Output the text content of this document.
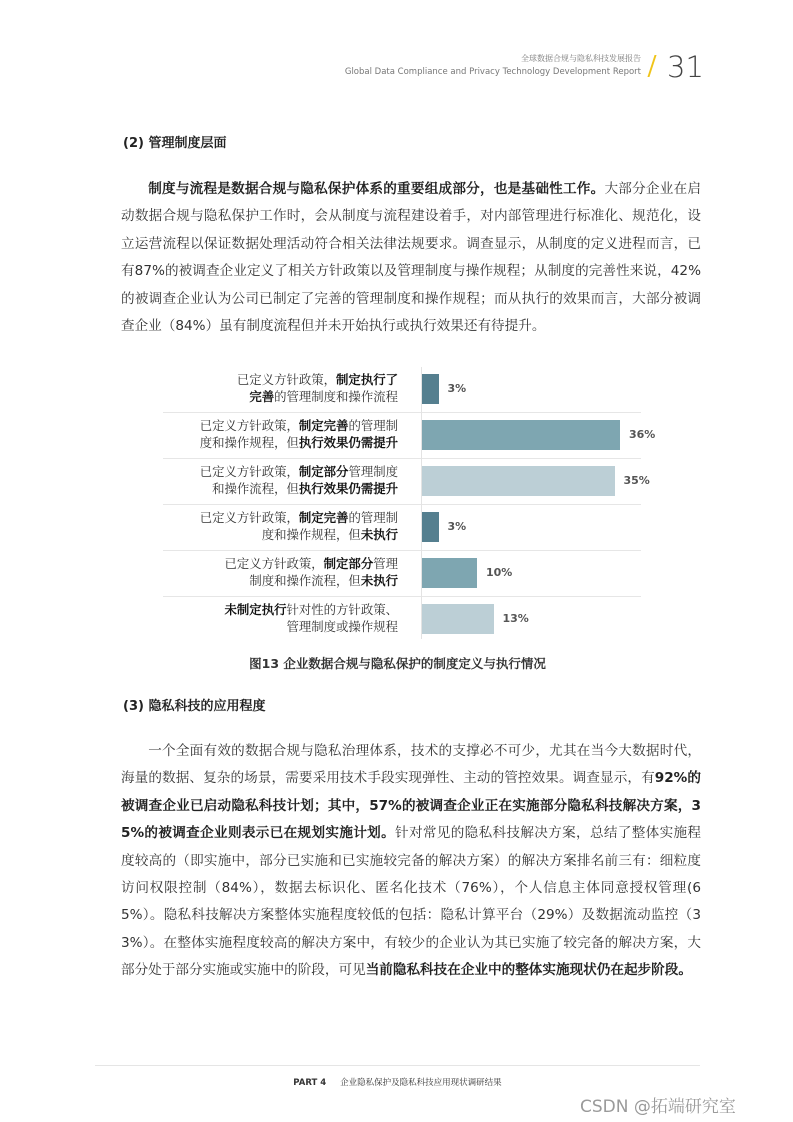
全球数据合规与隐私科技发展报告
Global Data Compliance and Privacy Technology Development Report 31
(2) 管理制度层面
制度与流程是数据合规与隐私保护体系的重要组成部分，也是基础性工作。大部分企业在启动数据合规与隐私保护工作时，会从制度与流程建设着手，对内部管理进行标准化、规范化，设立运营流程以保证数据处理活动符合相关法律法规要求。调查显示，从制度的定义进程而言，已有87%的被调查企业定义了相关方针政策以及管理制度与操作规程；从制度的完善性来说，42%的被调查企业认为公司已制定了完善的管理制度和操作规程；而从执行的效果而言，大部分被调查企业（84%）虽有制度流程但并未开始执行或执行效果还有待提升。
已定义方针政策，制定执行了
完善的管理制度和操作流程
3%
已定义方针政策，制定完善的管理制
度和操作规程，但执行效果仍需提升
36%
已定义方针政策，制定部分管理制度
和操作流程，但执行效果仍需提升
35%
已定义方针政策，制定完善的管理制
度和操作规程，但未执行
3%
已定义方针政策，制定部分管理
制度和操作流程，但未执行
10%
未制定执行针对性的方针政策、
管理制度或操作规程
13%
图13 企业数据合规与隐私保护的制度定义与执行情况
(3) 隐私科技的应用程度
一个全面有效的数据合规与隐私治理体系，技术的支撑必不可少，尤其在当今大数据时代，海量的数据、复杂的场景，需要采用技术手段实现弹性、主动的管控效果。调查显示，有92%的被调查企业已启动隐私科技计划；其中，57%的被调查企业正在实施部分隐私科技解决方案，35%的被调查企业则表示已在规划实施计划。针对常见的隐私科技解决方案，总结了整体实施程度较高的（即实施中，部分已实施和已实施较完备的解决方案）的解决方案排名前三有：细粒度访问权限控制（84%），数据去标识化、匿名化技术（76%），个人信息主体同意授权管理(65%）。隐私科技解决方案整体实施程度较低的包括：隐私计算平台（29%）及数据流动监控（33%）。在整体实施程度较高的解决方案中，有较少的企业认为其已实施了较完备的解决方案，大部分处于部分实施或实施中的阶段，可见当前隐私科技在企业中的整体实施现状仍在起步阶段。
PART 4 企业隐私保护及隐私科技应用现状调研结果
CSDN @拓端研究室
